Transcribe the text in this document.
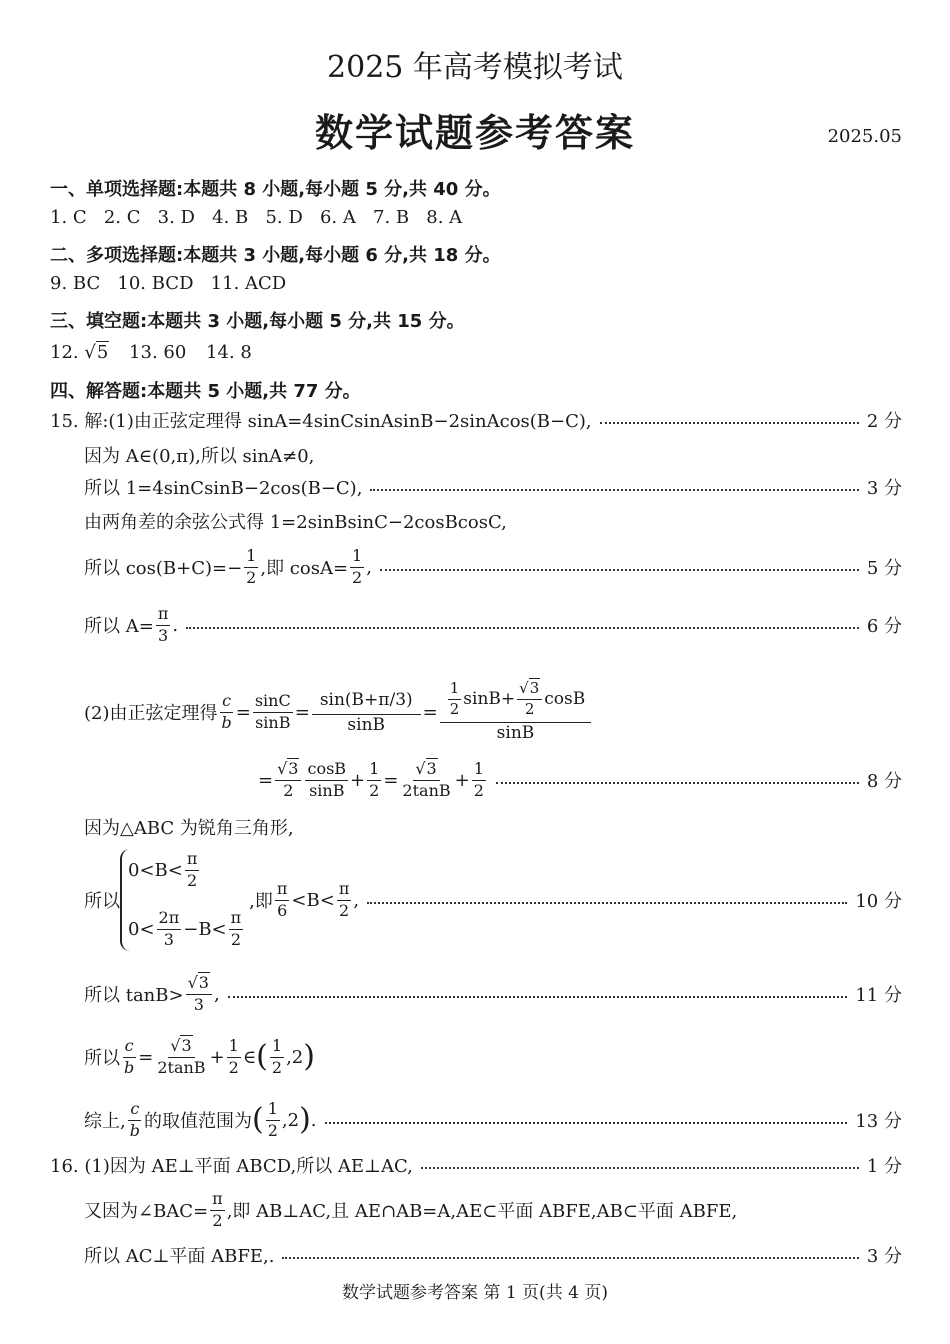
2025 年高考模拟考试
数学试题参考答案	2025.05
一、单项选择题:本题共 8 小题,每小题 5 分,共 40 分。
1. C   2. C   3. D   4. B   5. D   6. A   7. B   8. A
二、多项选择题:本题共 3 小题,每小题 6 分,共 18 分。
9. BC   10. BCD   11. ACD
三、填空题:本题共 3 小题,每小题 5 分,共 15 分。
12. √5 13. 60 14. 8
四、解答题:本题共 5 小题,共 77 分。
15. 解:(1)由正弦定理得 sinA=4sinCsinAsinB−2sinAcos(B−C),	2 分
因为 A∈(0,π),所以 sinA≠0,
所以 1=4sinCsinB−2cos(B−C),	3 分
由两角差的余弦公式得 1=2sinBsinC−2cosBcosC,
所以 $\cos(B+C)=- \frac{1}{2}$ ,即 $\cos A= \frac{1}{2}$ ,	5 分
所以 $A= \frac{\pi}{3}$ .	6 分
(2)由正弦定理得 $\frac{c}{b} = \frac{\sin C}{\sin B} = \frac{\sin(B+\pi/3)}{\sin B} = \frac{\frac{1}{2} \sin B+ \frac{√3}{2} \cos B}{\sin B}$
= $\frac{√3}{2} \frac{\cos B}{\sin B} + \frac{1}{2} = \frac{√3}{2\tan B} + \frac{1}{2}$	8 分
因为△ABC 为锐角三角形,
所以
$0<B< \frac{\pi}{2}$
$0< \frac{2\pi}{3} -B< \frac{\pi}{2}$
,即 $\frac{\pi}{6} <B< \frac{\pi}{2}$ ,	10 分
所以 $\tan B> \frac{√3}{3}$ ,	11 分
所以 $\frac{c}{b} = \frac{√3}{2\tan B} + \frac{1}{2}$ ∈ ( $\frac{1}{2} ,2$ )
综上, $\frac{c}{b}$ 的取值范围为 ( $\frac{1}{2} ,2$ ) .	13 分
16. (1)因为 AE⊥平面 ABCD,所以 AE⊥AC,	1 分
又因为∠BAC= $\frac{\pi}{2}$ ,即 AB⊥AC,且 AE∩AB=A,AE⊂平面 ABFE,AB⊂平面 ABFE,
所以 AC⊥平面 ABFE,.	3 分
数学试题参考答案 第 1 页(共 4 页)
